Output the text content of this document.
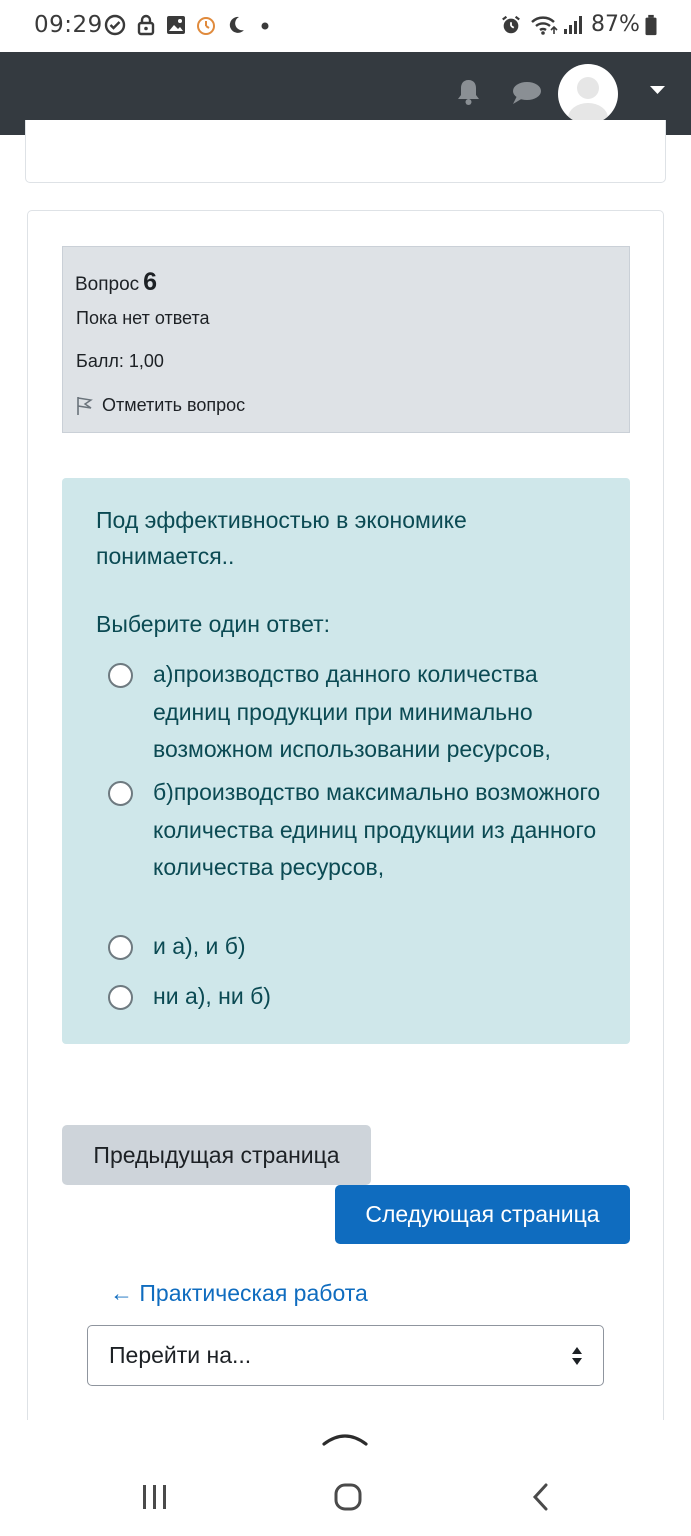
09:29	87%
Вопрос 6
Пока нет ответа
Балл: 1,00
Отметить вопрос
Под эффективностью в экономике понимается..
Выберите один ответ:
а)производство данного количества единиц продукции при минимально возможном использовании ресурсов,
б)производство максимально возможного количества единиц продукции из данного количества ресурсов,
и а), и б)
ни а), ни б)
Предыдущая страница
Следующая страница
← Практическая работа
Перейти на...
